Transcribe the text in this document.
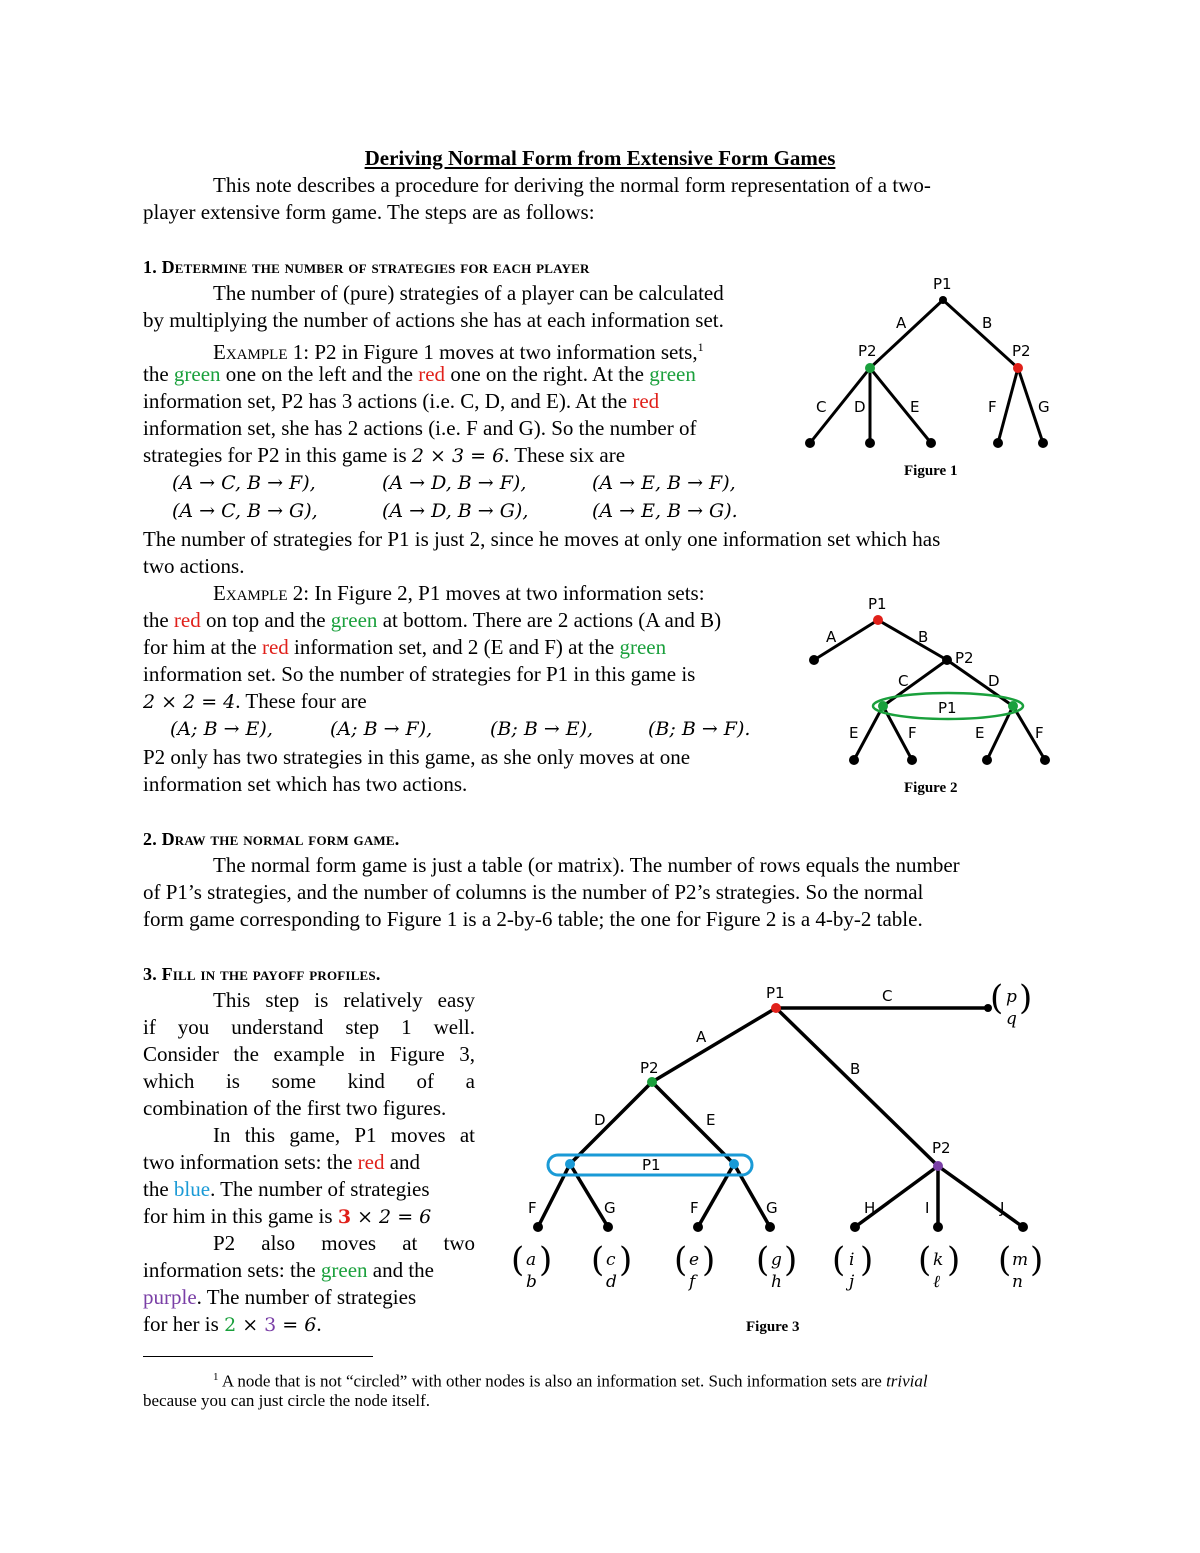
Deriving Normal Form from Extensive Form Games
This note describes a procedure for deriving the normal form representation of a two-
player extensive form game. The steps are as follows:
1. Determine the number of strategies for each player
The number of (pure) strategies of a player can be calculated
by multiplying the number of actions she has at each information set.
Example 1: P2 in Figure 1 moves at two information sets,$^1$
the green one on the left and the red one on the right. At the green
information set, P2 has 3 actions (i.e. C, D, and E). At the red
information set, she has 2 actions (i.e. F and G). So the number of
strategies for P2 in this game is 2 × 3 = 6. These six are
(A → C, B → F),	(A → D, B → F),	(A → E, B → F),
(A → C, B → G),	(A → D, B → G),	(A → E, B → G).
The number of strategies for P1 is just 2, since he moves at only one information set which has
two actions.
Example 2: In Figure 2, P1 moves at two information sets:
the red on top and the green at bottom. There are 2 actions (A and B)
for him at the red information set, and 2 (E and F) at the green
information set. So the number of strategies for P1 in this game is
2 × 2 = 4. These four are
(A; B → E),	(A; B → F),	(B; B → E),	(B; B → F).
P2 only has two strategies in this game, as she only moves at one
information set which has two actions.
2. Draw the normal form game.
The normal form game is just a table (or matrix). The number of rows equals the number
of P1’s strategies, and the number of columns is the number of P2’s strategies. So the normal
form game corresponding to Figure 1 is a 2-by-6 table; the one for Figure 2 is a 4-by-2 table.
3. Fill in the payoff profiles.
This step is relatively easy
if you understand step 1 well.
Consider the example in Figure 3,
which is some kind of a
combination of the first two figures.
In this game, P1 moves at
two information sets: the red and
the blue. The number of strategies
for him in this game is 3 × 2 = 6
P2 also moves at two
information sets: the green and the
purple. The number of strategies
for her is 2 × 3 = 6.
$^1$ A node that is not “circled” with other nodes is also an information set. Such information sets are trivial
because you can just circle the node itself.
P1
P2	P2
A	B
C D	E	F	G
Figure 1
P1
P2
P1
A	B
C	D
E	F	E	F
Figure 2
P1
P2
P2
P1
A
B
C
D	E
F	G	F	G	H	I	J
( p
q
)
( a
b
) ( c
d
) ( e
f
) ( g
h
) ( i
j
) ( k
ℓ
) ( m
n
)
Figure 3
